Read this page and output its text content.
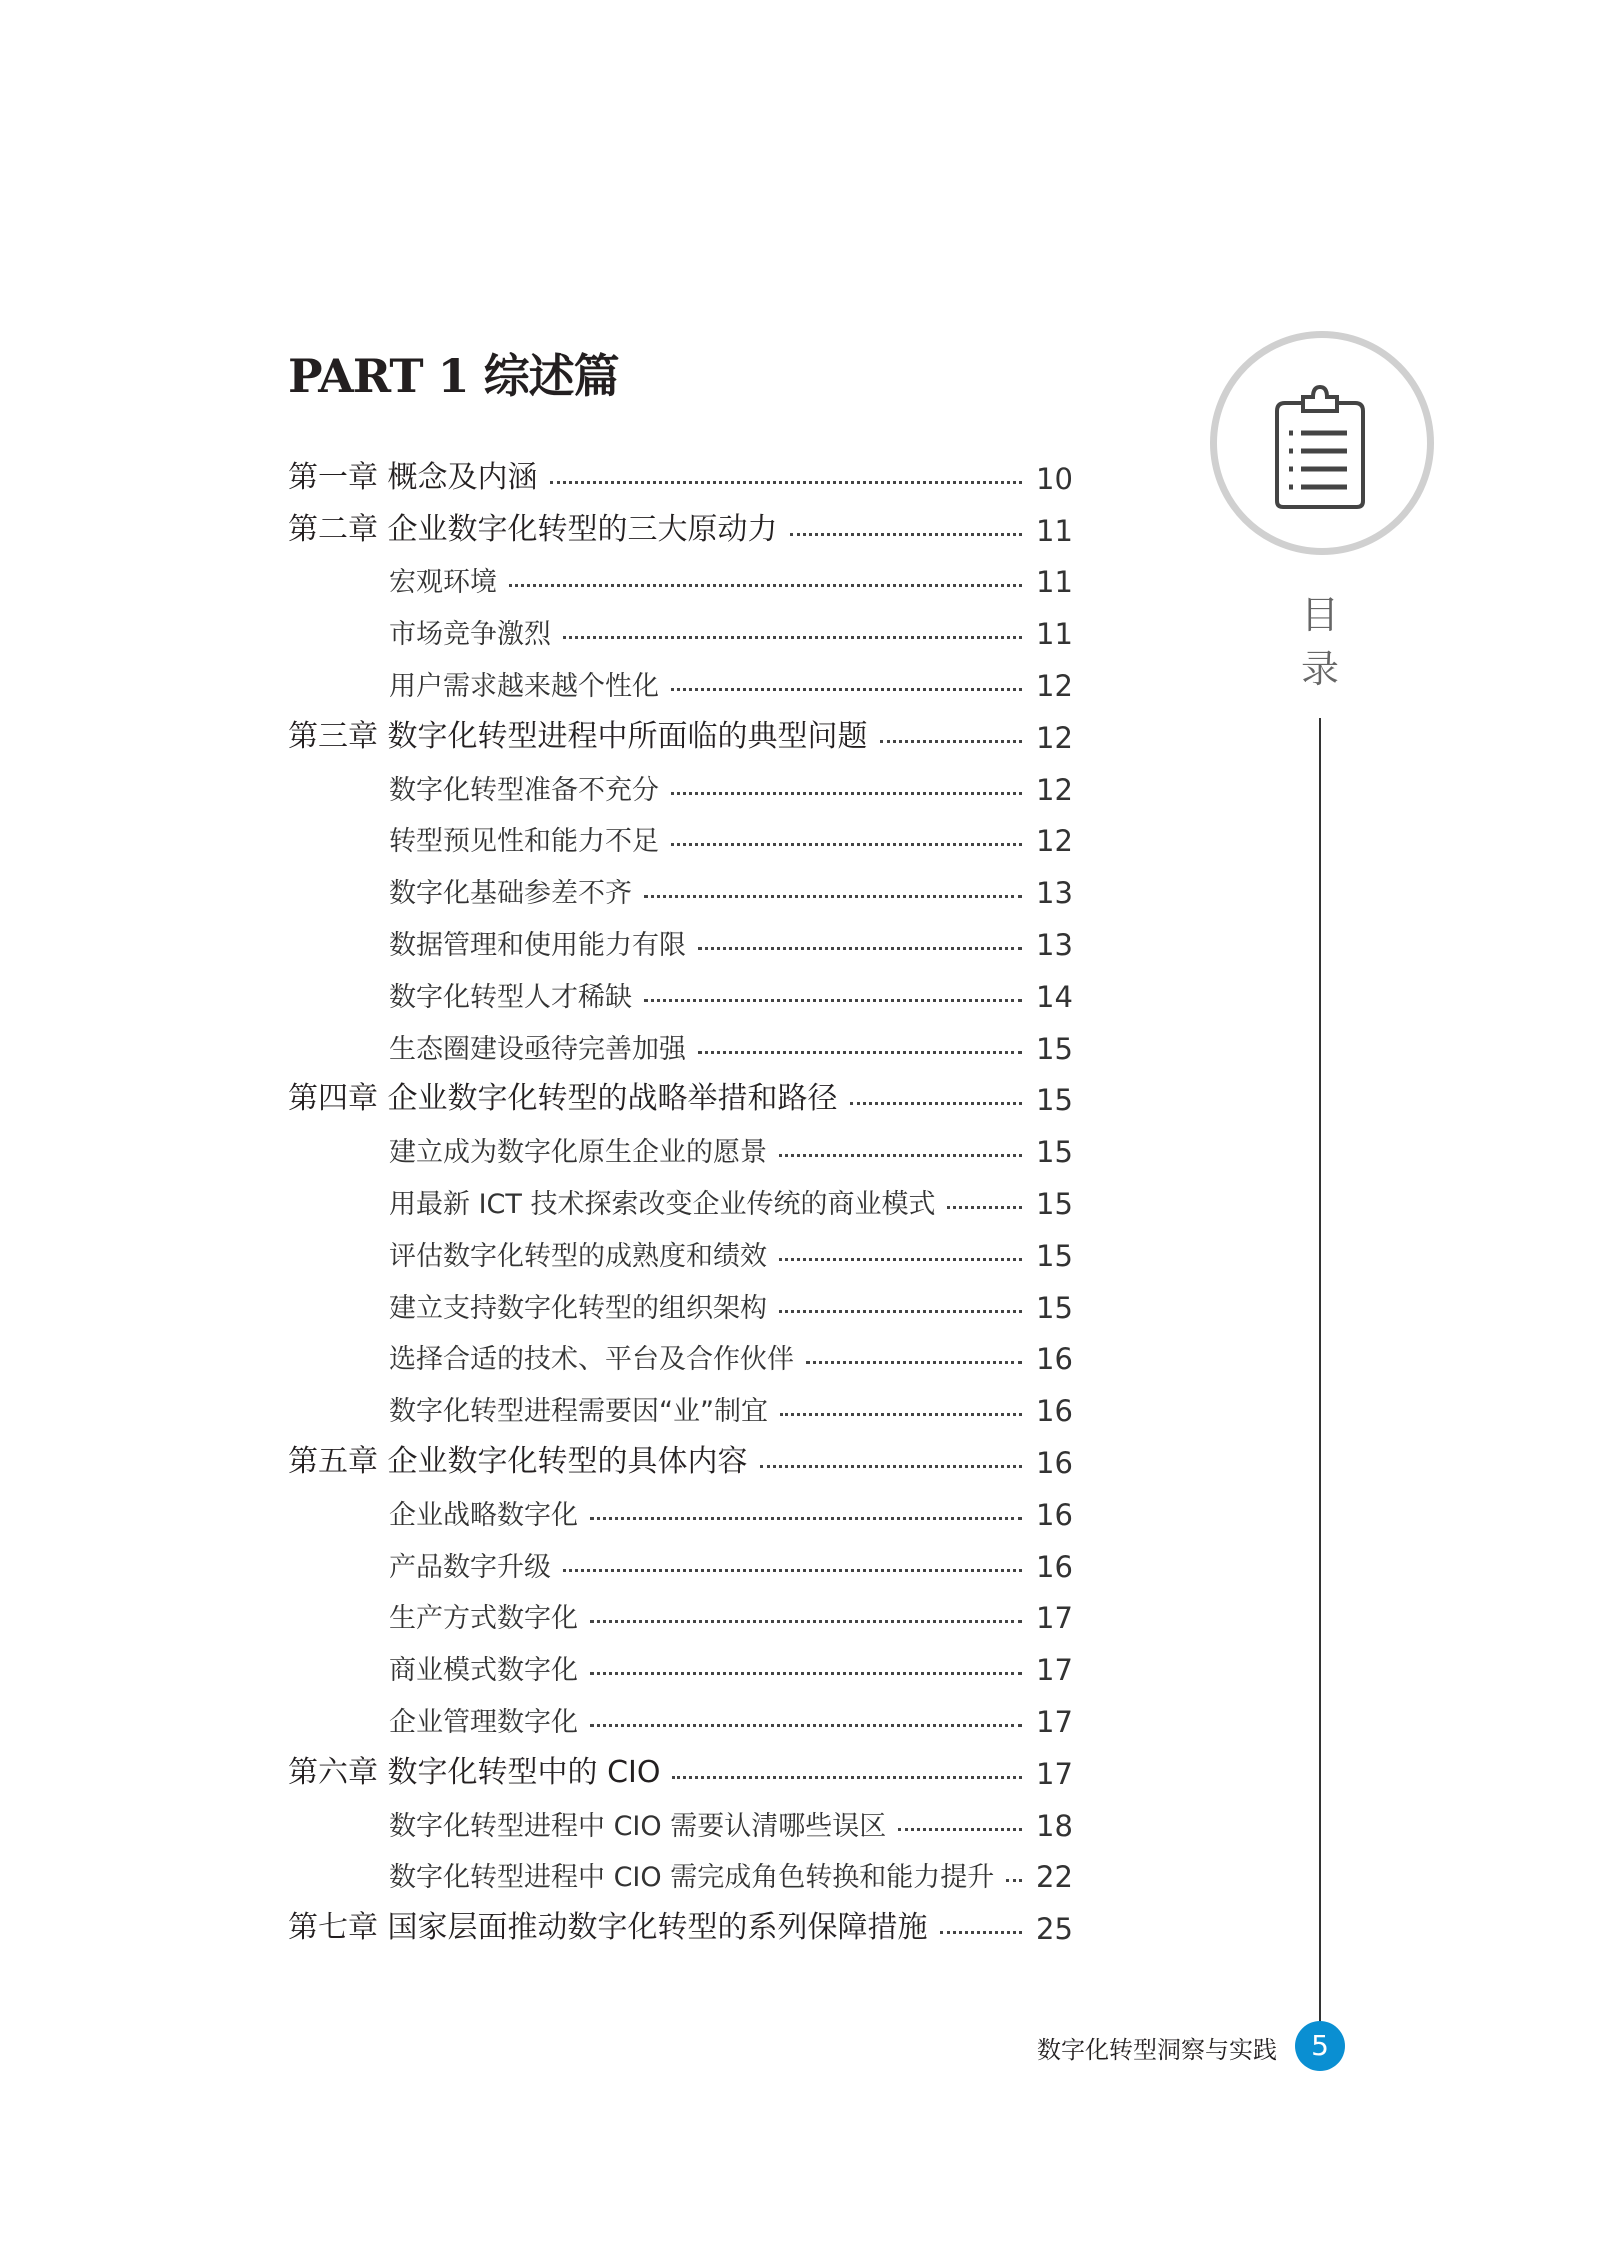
PART 1 综述篇
第一章 概念及内涵	10
第二章 企业数字化转型的三大原动力	11
宏观环境	11
市场竞争激烈	11
用户需求越来越个性化	12
第三章 数字化转型进程中所面临的典型问题	12
数字化转型准备不充分	12
转型预见性和能力不足	12
数字化基础参差不齐	13
数据管理和使用能力有限	13
数字化转型人才稀缺	14
生态圈建设亟待完善加强	15
第四章 企业数字化转型的战略举措和路径	15
建立成为数字化原生企业的愿景	15
用最新 ICT 技术探索改变企业传统的商业模式	15
评估数字化转型的成熟度和绩效	15
建立支持数字化转型的组织架构	15
选择合适的技术、平台及合作伙伴	16
数字化转型进程需要因“业”制宜	16
第五章 企业数字化转型的具体内容	16
企业战略数字化	16
产品数字升级	16
生产方式数字化	17
商业模式数字化	17
企业管理数字化	17
第六章 数字化转型中的 CIO	17
数字化转型进程中 CIO 需要认清哪些误区	18
数字化转型进程中 CIO 需完成角色转换和能力提升 22
第七章 国家层面推动数字化转型的系列保障措施	25
目
录
数字化转型洞察与实践	5
